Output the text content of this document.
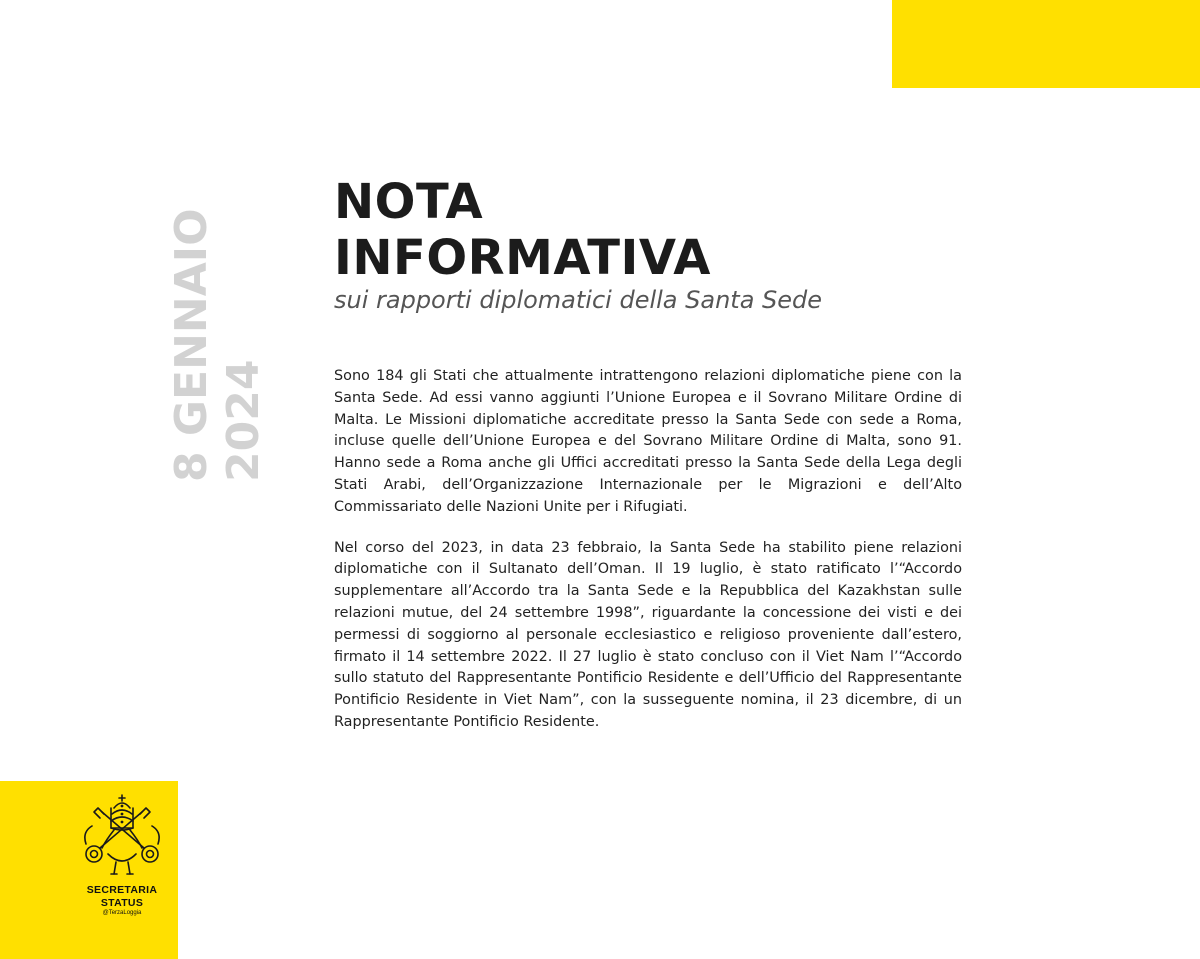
8 GENNAIO 2024
NOTA
INFORMATIVA

sui rapporti diplomatici della Santa Sede

Sono 184 gli Stati che attualmente intrattengono relazioni diplomatiche piene con la Santa Sede. Ad essi vanno aggiunti l’Unione Europea e il Sovrano Militare Ordine di Malta. Le Missioni diplomatiche accreditate presso la Santa Sede con sede a Roma, incluse quelle dell’Unione Europea e del Sovrano Militare Ordine di Malta, sono 91. Hanno sede a Roma anche gli Uffici accreditati presso la Santa Sede della Lega degli Stati Arabi, dell’Organizzazione Internazionale per le Migrazioni e dell’Alto Commissariato delle Nazioni Unite per i Rifugiati.

Nel corso del 2023, in data 23 febbraio, la Santa Sede ha stabilito piene relazioni diplomatiche con il Sultanato dell’Oman. Il 19 luglio, è stato ratificato l’“Accordo supplementare all’Accordo tra la Santa Sede e la Repubblica del Kazakhstan sulle relazioni mutue, del 24 settembre 1998”, riguardante la concessione dei visti e dei permessi di soggiorno al personale ecclesiastico e religioso proveniente dall’estero, firmato il 14 settembre 2022. Il 27 luglio è stato concluso con il Viet Nam l’“Accordo sullo statuto del Rappresentante Pontificio Residente e dell’Ufficio del Rappresentante Pontificio Residente in Viet Nam”, con la susseguente nomina, il 23 dicembre, di un Rappresentante Pontificio Residente.

SECRETARIA
STATUS
@TerzaLoggia
